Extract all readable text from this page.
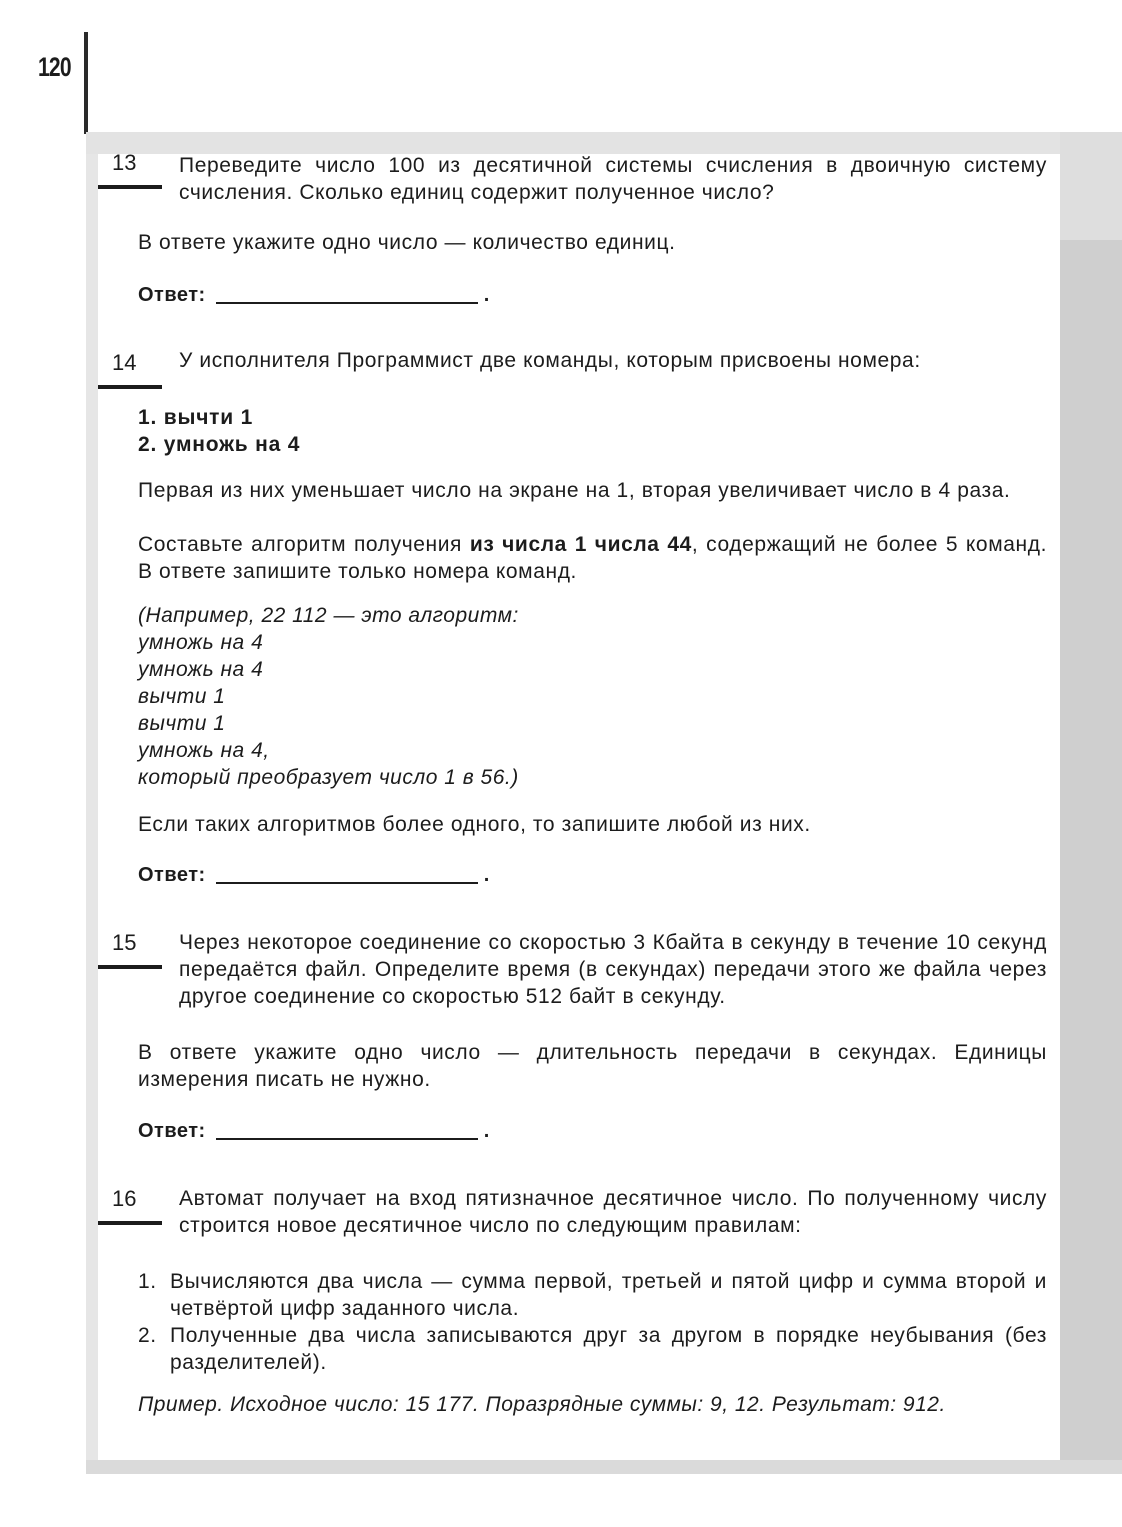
120
13 Переведите число 100 из десятичной системы счисления в двоичную систему счисления. Сколько единиц содержит полученное число?

В ответе укажите одно число — количество единиц.

Ответ:	.
14 У исполнителя Программист две команды, которым присвоены номера:

1. вычти 1
2. умножь на 4

Первая из них уменьшает число на экране на 1, вторая увеличивает число в 4 раза.

Составьте алгоритм получения из числа 1 числа 44, содержащий не более 5 команд. В ответе запишите только номера команд.

(Например, 22 112 — это алгоритм:
умножь на 4
умножь на 4
вычти 1
вычти 1
умножь на 4,
который преобразует число 1 в 56.)

Если таких алгоритмов более одного, то запишите любой из них.

Ответ:	.
15 Через некоторое соединение со скоростью 3 Кбайта в секунду в течение 10 секунд передаётся файл. Определите время (в секундах) передачи этого же файла через другое соединение со скоростью 512 байт в секунду.

В ответе укажите одно число — длительность передачи в секундах. Единицы измерения писать не нужно.

Ответ:	.
16 Автомат получает на вход пятизначное десятичное число. По полученному числу строится новое десятичное число по следующим правилам:

1. Вычисляются два числа — сумма первой, третьей и пятой цифр и сумма второй и четвёртой цифр заданного числа.
2. Полученные два числа записываются друг за другом в порядке неубывания (без разделителей).

Пример. Исходное число: 15 177. Поразрядные суммы: 9, 12. Результат: 912.
